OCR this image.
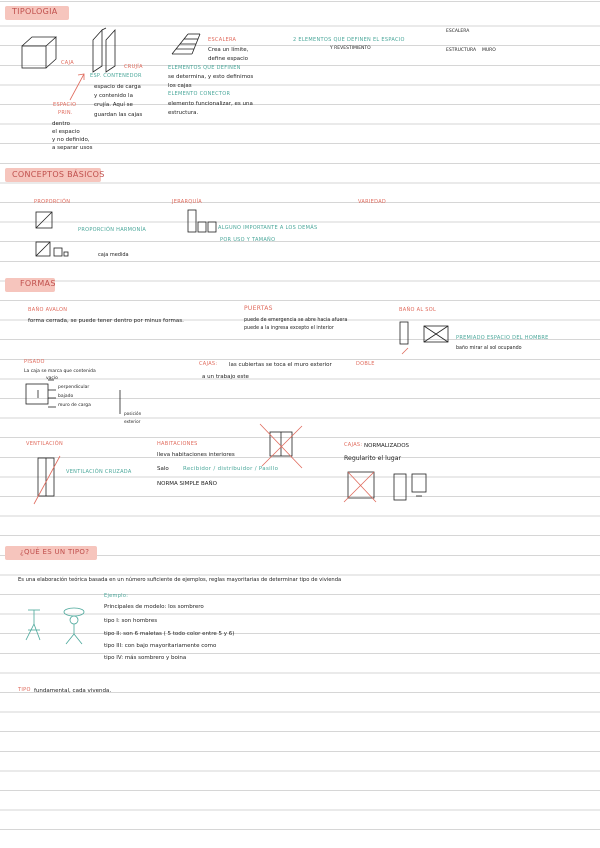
TIPOLOGIA
CAJA
CRUJÍA
ESP. CONTENEDOR
espacio de carga
y contenido la
crujía. Aquí se
guardan las cajas
ESPACIO
PRIN.
dentro
el espacio
y no definido,
a separar usos
ESCALERA
Crea un límite,
define espacio
ELEMENTOS QUE DEFINEN
se determina, y esto definimos
los cajas
ELEMENTO CONECTOR
elemento funcionalizar, es una
estructura.
2 ELEMENTOS QUE DEFINEN EL ESPACIO
Y REVESTIMIENTO
ESCALERA
ESTRUCTURA MURO
CONCEPTOS BÁSICOS
PROPORCIÓN
PROPORCIÓN HARMONÍA
caja medida
JERARQUÍA
ALGUNO IMPORTANTE A LOS DEMÁS
POR USO Y TAMAÑO
VARIEDAD
FORMAS
BAÑO AVALON
forma cerrada, se puede tener dentro por minus formas.
PUERTAS
puede de emergencia se abre hacia afuera
puede a la ingresa excepto el interior
BAÑO AL SOL
PREMIADO ESPACIO DEL HOMBRE
baño mirar al sol ocupando
PISADO
La caja se marca que contenida
vacío
perpendicular
bajado
muro de carga
posición
exterior
CAJAS: las cubiertas se toca el muro exterior	DOBLE
a un trabajo este
VENTILACIÓN
VENTILACIÓN CRUZADA
HABITACIONES
lleva habitaciones interiores
Salo	Recibidor / distribuidor / Pasillo
NORMA SIMPLE BAÑO
CAJAS: NORMALIZADOS
Regularito el lugar
¿QUÉ ES UN TIPO?
Es una elaboración teórica basada en un número suficiente de ejemplos, reglas mayoritarias de determinar tipo de vivienda
Ejemplo:
Principales de modelo: los sombrero
tipo I: son hombres
tipo II: son 6 maletas ( 5 todo color entre 5 y 6)
tipo III: con bajo mayoritariamente como
tipo IV: más sombrero y boina
TIPO fundamental, cada vivenda.
